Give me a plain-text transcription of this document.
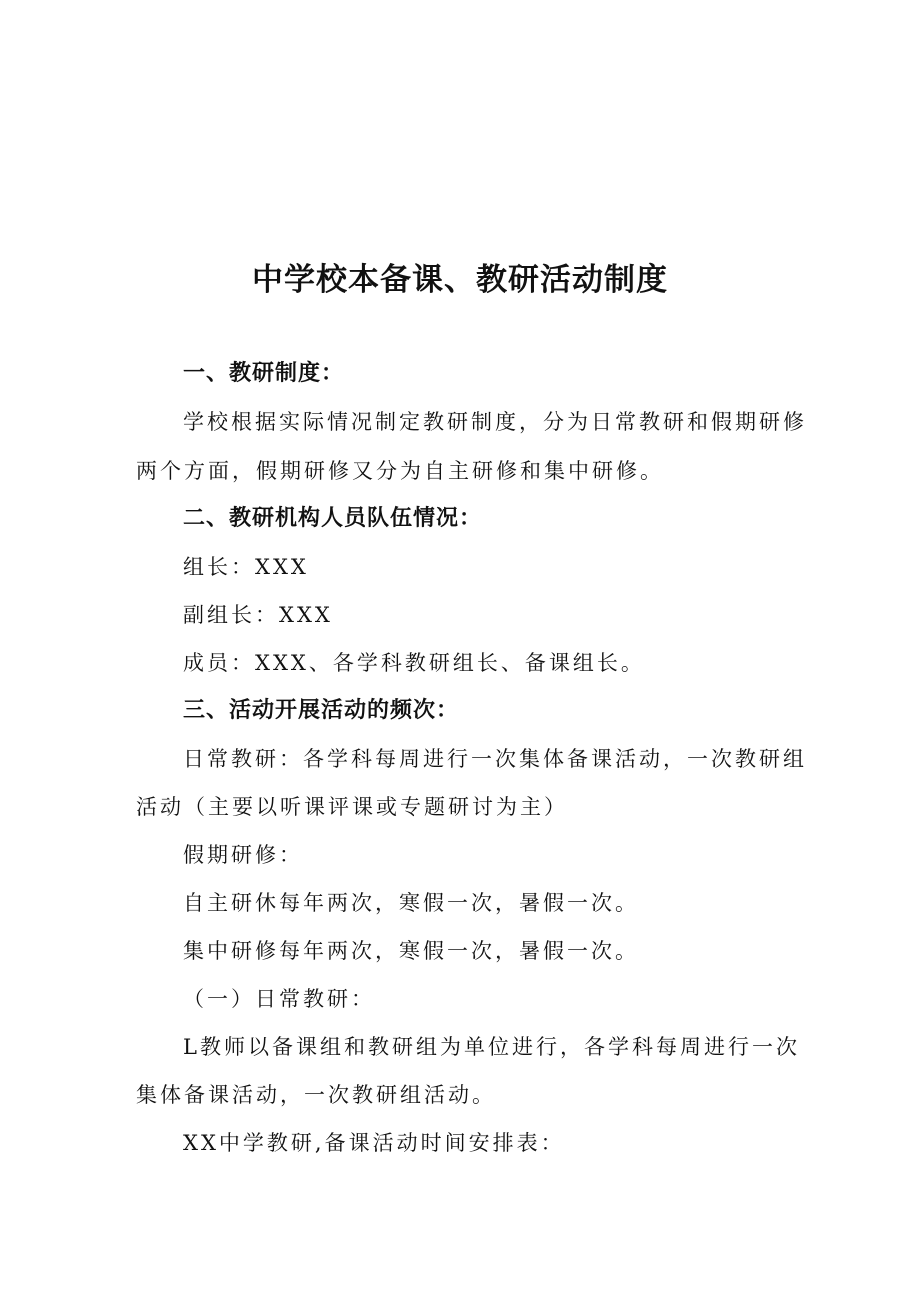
中学校本备课、教研活动制度

一、教研制度：

学校根据实际情况制定教研制度，分为日常教研和假期研修

两个方面，假期研修又分为自主研修和集中研修。

二、教研机构人员队伍情况：

组长：XXX

副组长：XXX

成员：XXX、各学科教研组长、备课组长。

三、活动开展活动的频次：

日常教研：各学科每周进行一次集体备课活动，一次教研组

活动（主要以听课评课或专题研讨为主）

假期研修：

自主研休每年两次，寒假一次，暑假一次。

集中研修每年两次，寒假一次，暑假一次。

（一）日常教研：

L教师以备课组和教研组为单位进行，各学科每周进行一次

集体备课活动，一次教研组活动。

XX中学教研,备课活动时间安排表：
